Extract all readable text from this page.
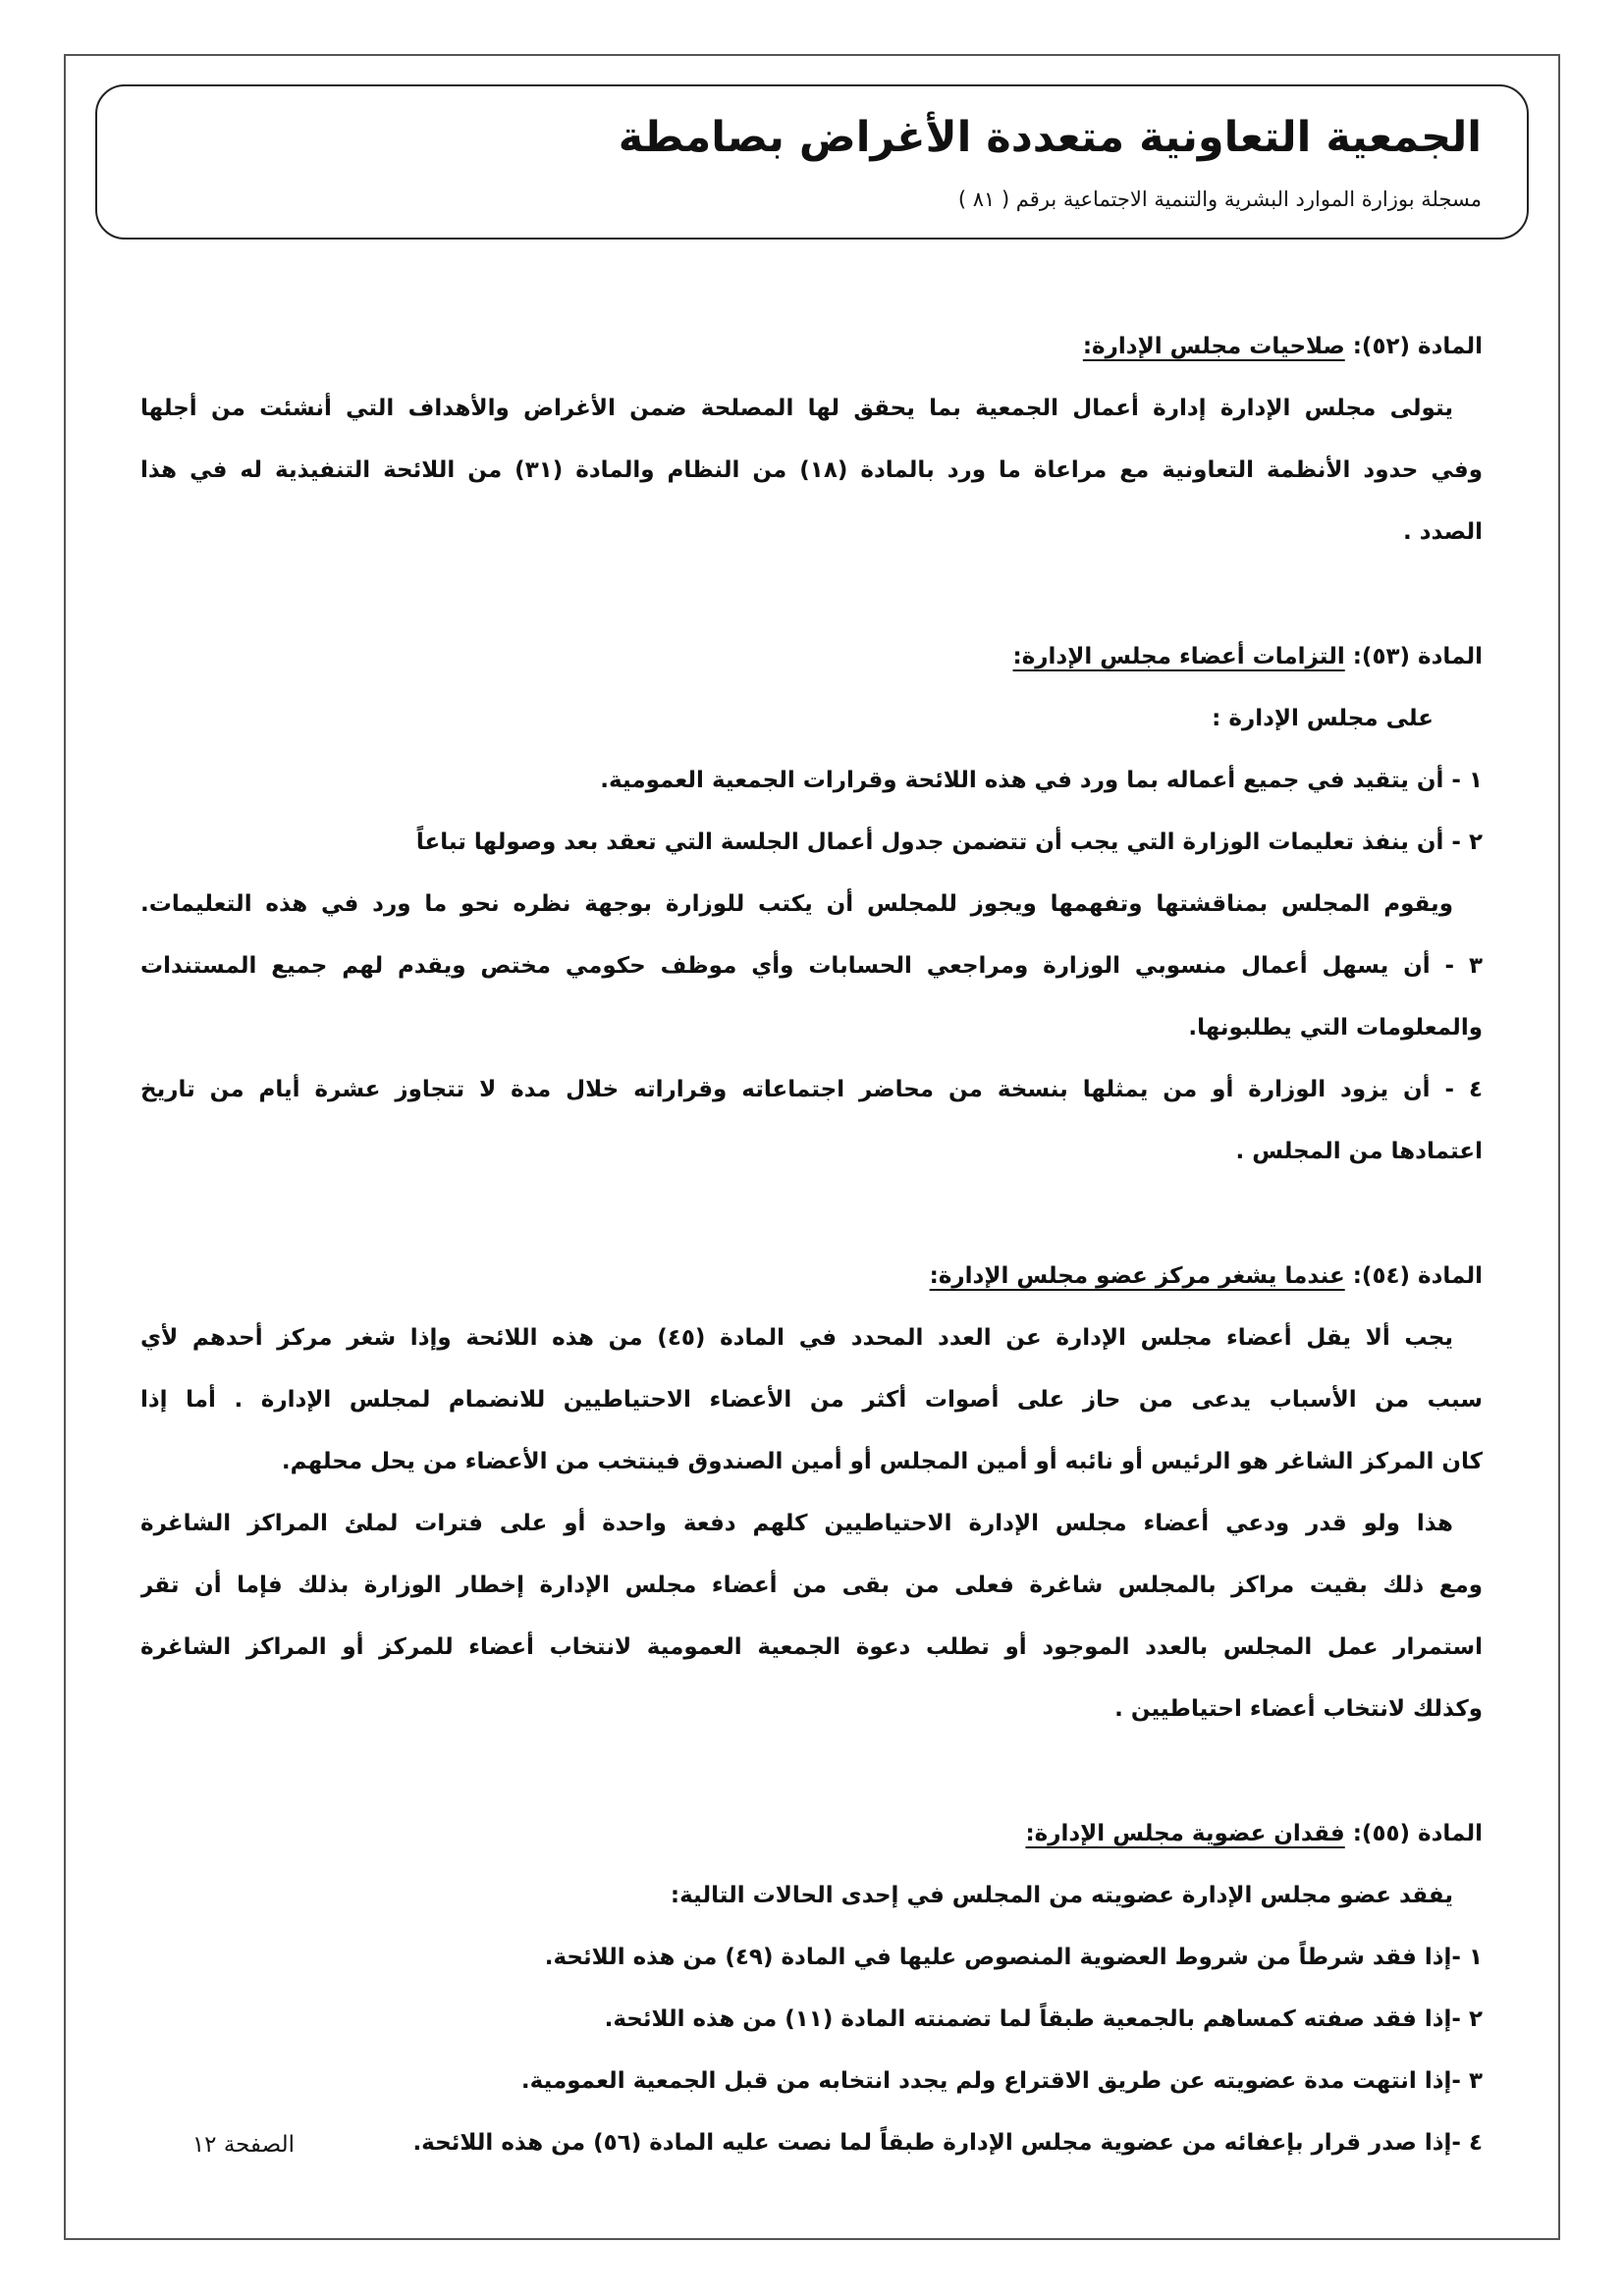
الجمعية التعاونية متعددة الأغراض بصامطة

مسجلة بوزارة الموارد البشرية والتنمية الاجتماعية برقم ( ٨١ )

المادة (٥٢): صلاحيات مجلس الإدارة:
يتولى مجلس الإدارة إدارة أعمال الجمعية بما يحقق لها المصلحة ضمن الأغراض والأهداف التي أنشئت من أجلها
وفي حدود الأنظمة التعاونية مع مراعاة ما ورد بالمادة (١٨) من النظام والمادة (٣١) من اللائحة التنفيذية له في هذا
الصدد .
المادة (٥٣): التزامات أعضاء مجلس الإدارة:
على مجلس الإدارة :
١ - أن يتقيد في جميع أعماله بما ورد في هذه اللائحة وقرارات الجمعية العمومية.
٢ - أن ينفذ تعليمات الوزارة التي يجب أن تتضمن جدول أعمال الجلسة التي تعقد بعد وصولها تباعاً
ويقوم المجلس بمناقشتها وتفهمها ويجوز للمجلس أن يكتب للوزارة بوجهة نظره نحو ما ورد في هذه التعليمات.
٣ - أن يسهل أعمال منسوبي الوزارة ومراجعي الحسابات وأي موظف حكومي مختص ويقدم لهم جميع المستندات
والمعلومات التي يطلبونها.
٤ - أن يزود الوزارة أو من يمثلها بنسخة من محاضر اجتماعاته وقراراته خلال مدة لا تتجاوز عشرة أيام من تاريخ
اعتمادها من المجلس .
المادة (٥٤): عندما يشغر مركز عضو مجلس الإدارة:
يجب ألا يقل أعضاء مجلس الإدارة عن العدد المحدد في المادة (٤٥) من هذه اللائحة وإذا شغر مركز أحدهم لأي
سبب من الأسباب يدعى من حاز على أصوات أكثر من الأعضاء الاحتياطيين للانضمام لمجلس الإدارة . أما إذا
كان المركز الشاغر هو الرئيس أو نائبه أو أمين المجلس أو أمين الصندوق فينتخب من الأعضاء من يحل محلهم.
هذا ولو قدر ودعي أعضاء مجلس الإدارة الاحتياطيين كلهم دفعة واحدة أو على فترات لملئ المراكز الشاغرة
ومع ذلك بقيت مراكز بالمجلس شاغرة فعلى من بقى من أعضاء مجلس الإدارة إخطار الوزارة بذلك فإما أن تقر
استمرار عمل المجلس بالعدد الموجود أو تطلب دعوة الجمعية العمومية لانتخاب أعضاء للمركز أو المراكز الشاغرة
وكذلك لانتخاب أعضاء احتياطيين .
المادة (٥٥): فقدان عضوية مجلس الإدارة:
يفقد عضو مجلس الإدارة عضويته من المجلس في إحدى الحالات التالية:
١ -إذا فقد شرطاً من شروط العضوية المنصوص عليها في المادة (٤٩) من هذه اللائحة.
٢ -إذا فقد صفته كمساهم بالجمعية طبقاً لما تضمنته المادة (١١) من هذه اللائحة.
٣ -إذا انتهت مدة عضويته عن طريق الاقتراع ولم يجدد انتخابه من قبل الجمعية العمومية.
٤ -إذا صدر قرار بإعفائه من عضوية مجلس الإدارة طبقاً لما نصت عليه المادة (٥٦) من هذه اللائحة.

الصفحة ١٢
